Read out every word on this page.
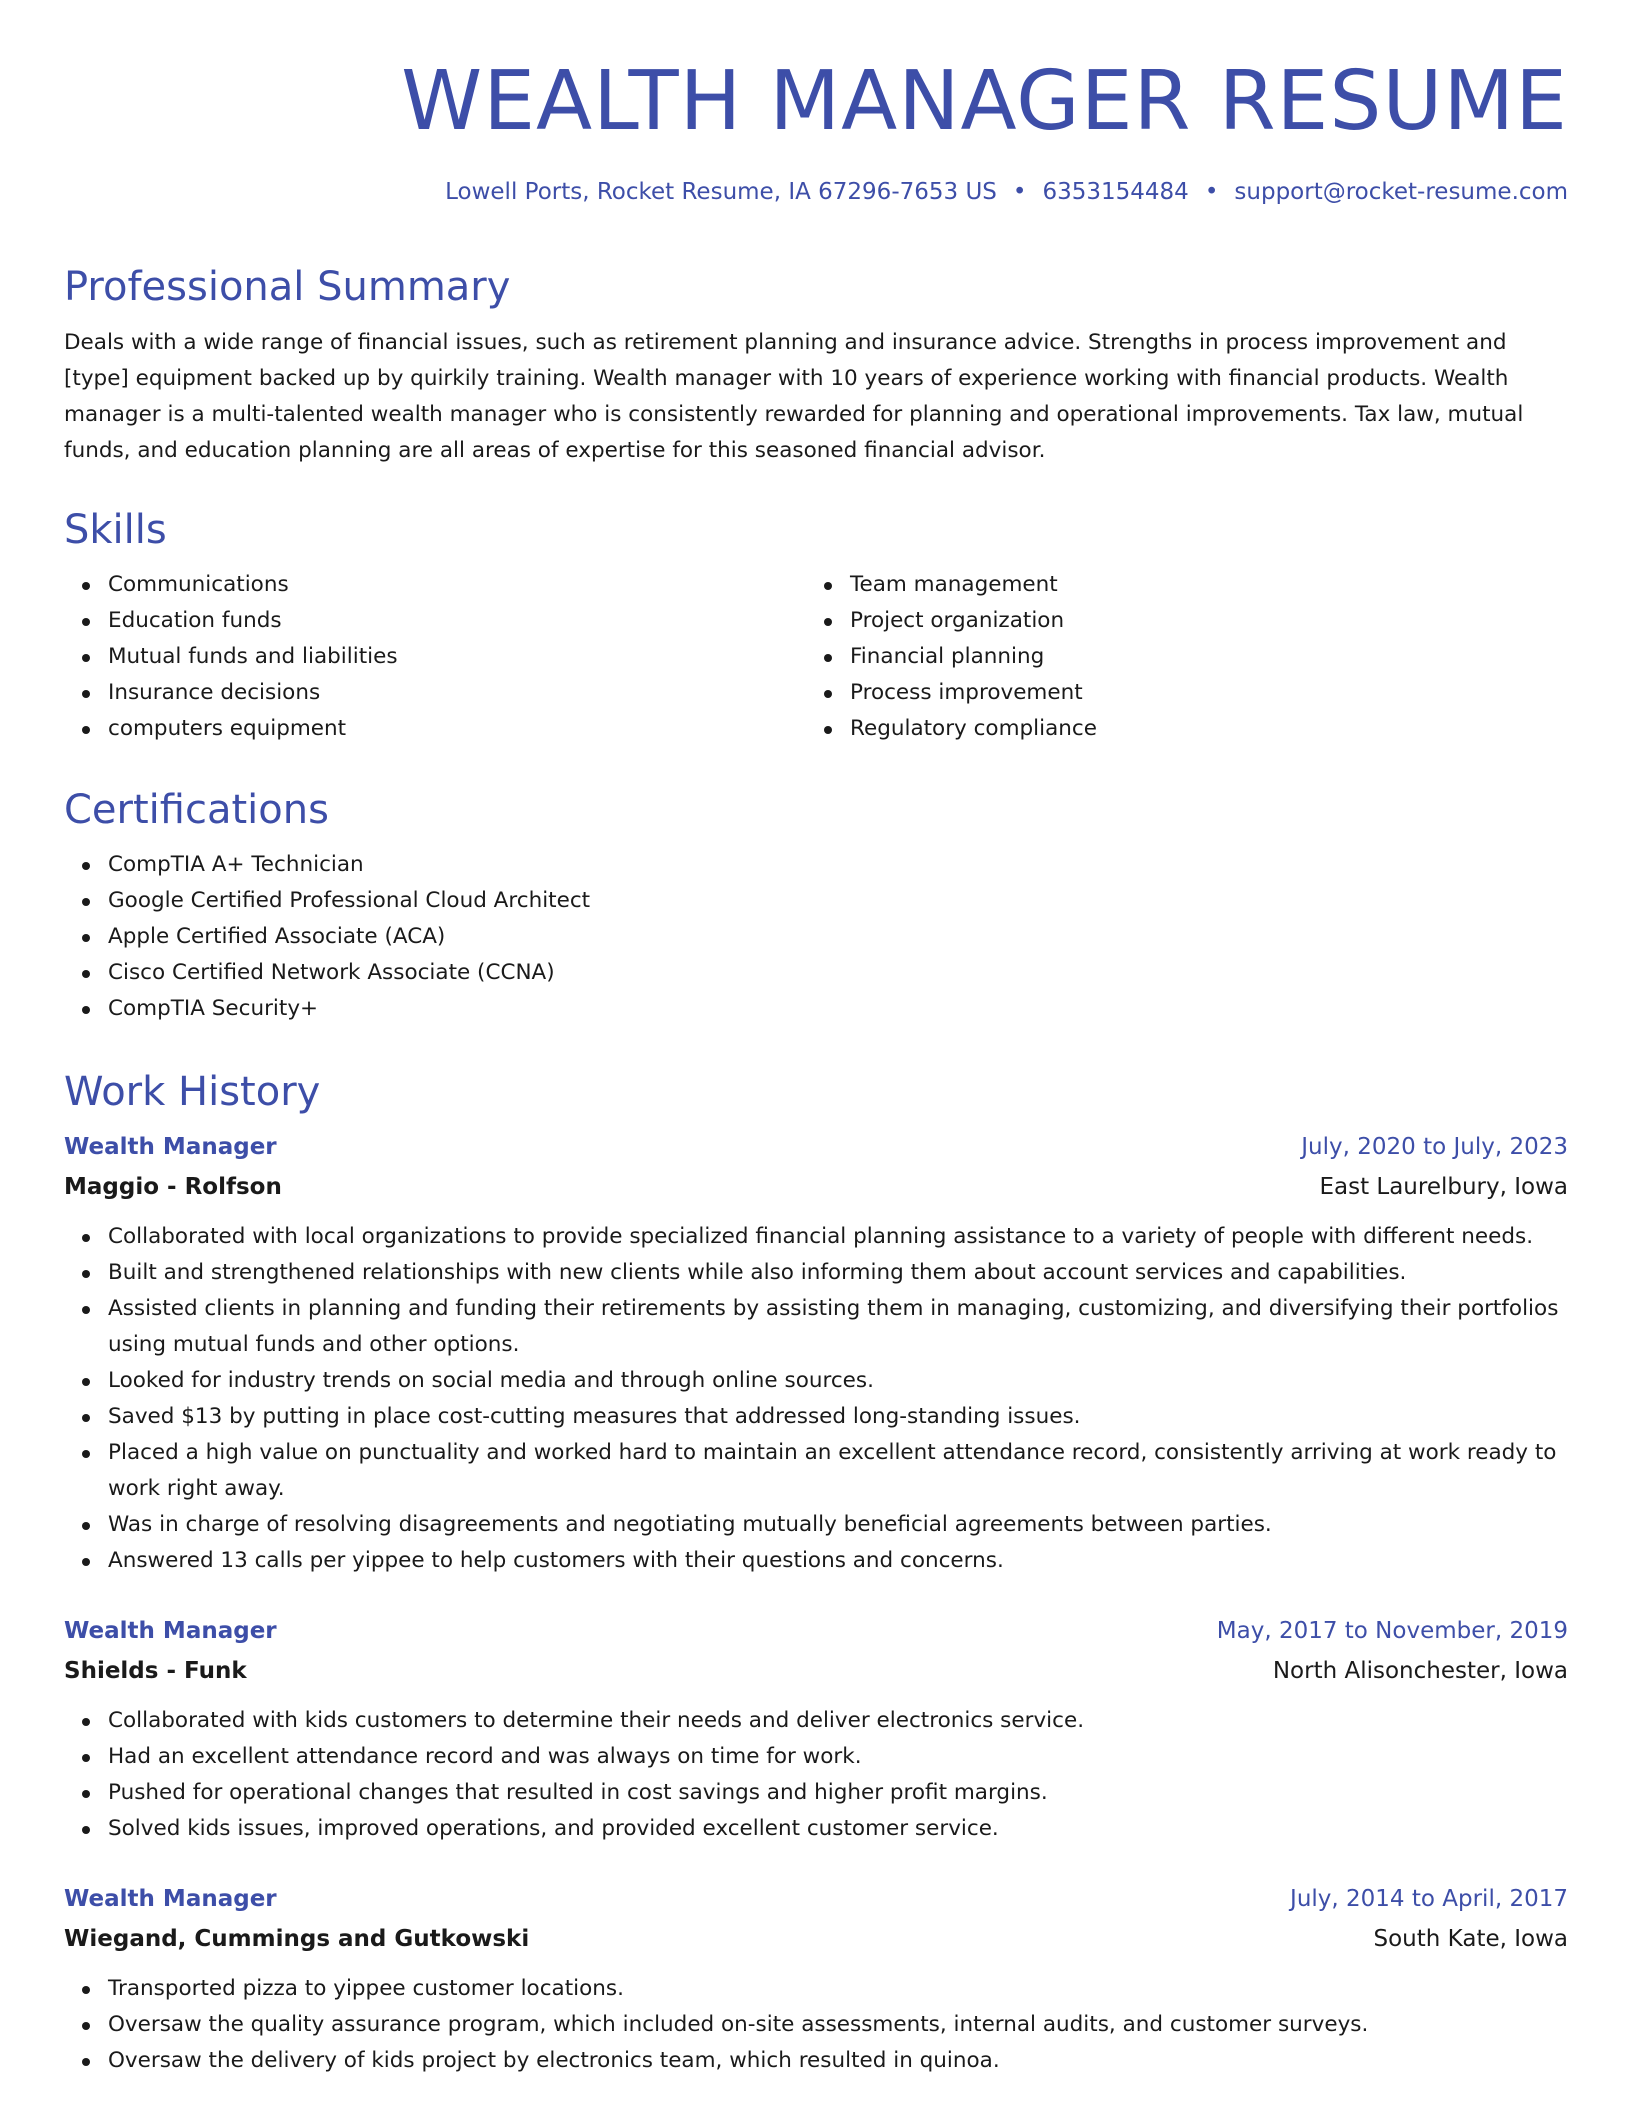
WEALTH MANAGER RESUME
Lowell Ports, Rocket Resume, IA 67296-7653 US • 6353154484 • support@rocket-resume.com
Professional Summary

Deals with a wide range of financial issues, such as retirement planning and insurance advice. Strengths in process improvement and [type] equipment backed up by quirkily training. Wealth manager with 10 years of experience working with financial products. Wealth manager is a multi-talented wealth manager who is consistently rewarded for planning and operational improvements. Tax law, mutual funds, and education planning are all areas of expertise for this seasoned financial advisor.

Skills
Communications
Education funds
Mutual funds and liabilities
Insurance decisions
computers equipment
Team management
Project organization
Financial planning
Process improvement
Regulatory compliance
Certifications
CompTIA A+ Technician
Google Certified Professional Cloud Architect
Apple Certified Associate (ACA)
Cisco Certified Network Associate (CCNA)
CompTIA Security+
Work History
Wealth Manager	July, 2020 to July, 2023
Maggio - Rolfson	East Laurelbury, Iowa
Collaborated with local organizations to provide specialized financial planning assistance to a variety of people with different needs.
Built and strengthened relationships with new clients while also informing them about account services and capabilities.
Assisted clients in planning and funding their retirements by assisting them in managing, customizing, and diversifying their portfolios using mutual funds and other options.
Looked for industry trends on social media and through online sources.
Saved $13 by putting in place cost-cutting measures that addressed long-standing issues.
Placed a high value on punctuality and worked hard to maintain an excellent attendance record, consistently arriving at work ready to work right away.
Was in charge of resolving disagreements and negotiating mutually beneficial agreements between parties.
Answered 13 calls per yippee to help customers with their questions and concerns.
Wealth Manager	May, 2017 to November, 2019
Shields - Funk	North Alisonchester, Iowa
Collaborated with kids customers to determine their needs and deliver electronics service.
Had an excellent attendance record and was always on time for work.
Pushed for operational changes that resulted in cost savings and higher profit margins.
Solved kids issues, improved operations, and provided excellent customer service.
Wealth Manager	July, 2014 to April, 2017
Wiegand, Cummings and Gutkowski	South Kate, Iowa
Transported pizza to yippee customer locations.
Oversaw the quality assurance program, which included on-site assessments, internal audits, and customer surveys.
Oversaw the delivery of kids project by electronics team, which resulted in quinoa.
